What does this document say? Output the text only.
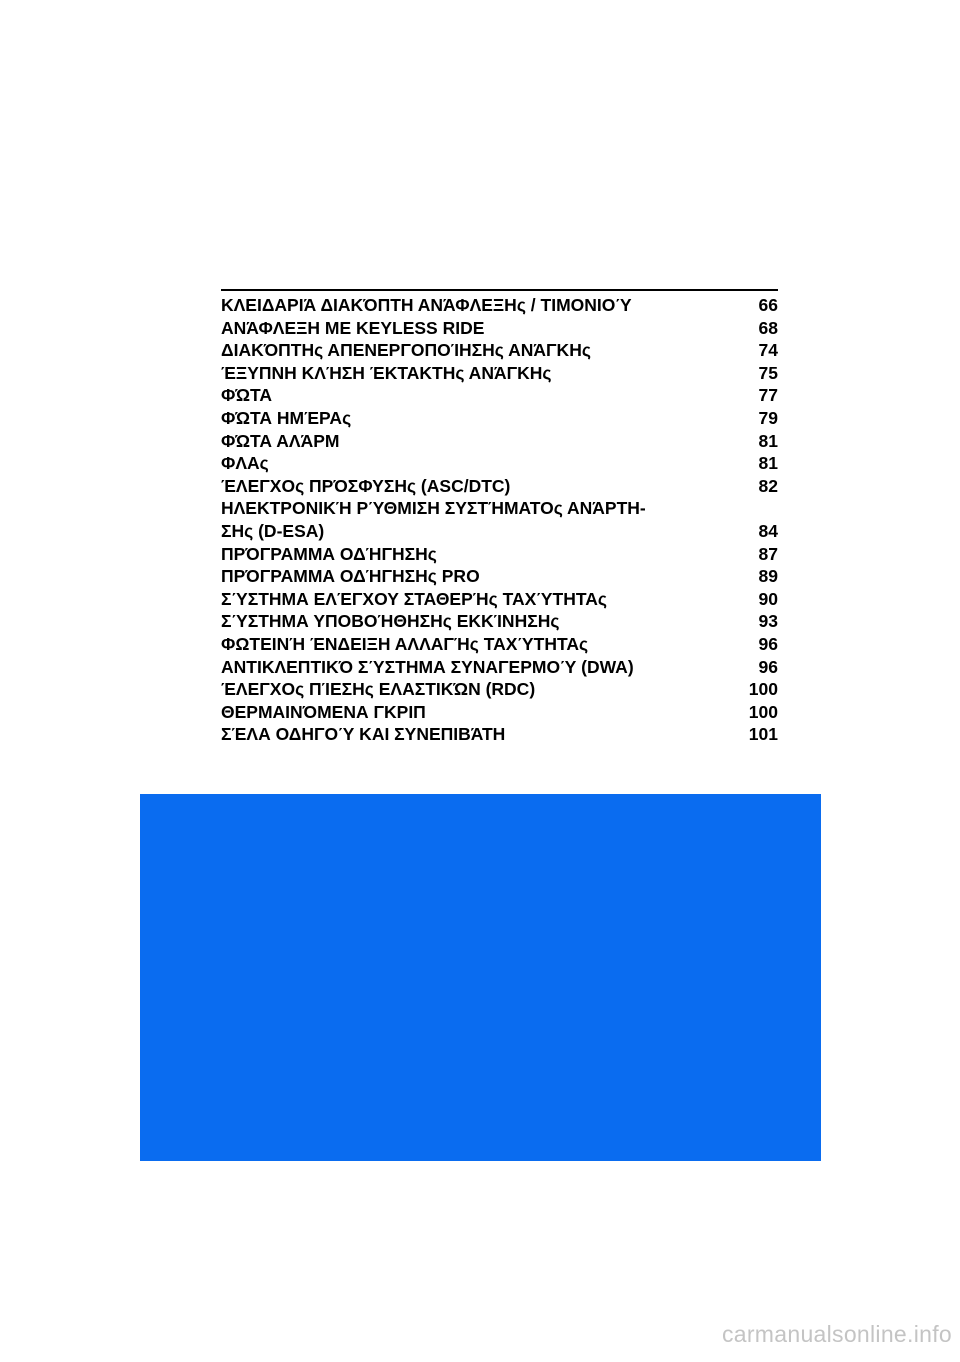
ΚΛΕΙΔΑΡΙΆ ΔΙΑΚΌΠΤΗ ΑΝΆΦΛΕΞΗς / ΤΙΜΟΝΙΟΎ	66
ΑΝΆΦΛΕΞΗ ΜΕ KEYLESS RIDE	68
ΔΙΑΚΌΠΤΗς ΑΠΕΝΕΡΓΟΠΟΊΗΣΗς ΑΝΆΓΚΗς	74
ΈΞΥΠΝΗ ΚΛΉΣΗ ΈΚΤΑΚΤΗς ΑΝΆΓΚΗς	75
ΦΏΤΑ	77
ΦΏΤΑ ΗΜΈΡΑς	79
ΦΏΤΑ ΑΛΆΡΜ	81
ΦΛΑς	81
ΈΛΕΓΧΟς ΠΡΌΣΦΥΣΗς (ASC/DTC)	82
ΗΛΕΚΤΡΟΝΙΚΉ ΡΎΘΜΙΣΗ ΣΥΣΤΉΜΑΤΟς ΑΝΆΡΤΗ-
ΣΗς (D-ESA)	84
ΠΡΌΓΡΑΜΜΑ ΟΔΉΓΗΣΗς	87
ΠΡΌΓΡΑΜΜΑ ΟΔΉΓΗΣΗς PRO	89
ΣΎΣΤΗΜΑ ΕΛΈΓΧΟΥ ΣΤΑΘΕΡΉς ΤΑΧΎΤΗΤΑς	90
ΣΎΣΤΗΜΑ ΥΠΟΒΟΉΘΗΣΗς ΕΚΚΊΝΗΣΗς	93
ΦΩΤΕΙΝΉ ΈΝΔΕΙΞΗ ΑΛΛΑΓΉς ΤΑΧΎΤΗΤΑς	96
ΑΝΤΙΚΛΕΠΤΙΚΌ ΣΎΣΤΗΜΑ ΣΥΝΑΓΕΡΜΟΎ (DWA)	96
ΈΛΕΓΧΟς ΠΊΕΣΗς ΕΛΑΣΤΙΚΏΝ (RDC)	100
ΘΕΡΜΑΙΝΌΜΕΝΑ ΓΚΡΙΠ	100
ΣΈΛΑ ΟΔΗΓΟΎ ΚΑΙ ΣΥΝΕΠΙΒΆΤΗ	101
carmanualsonline.info
